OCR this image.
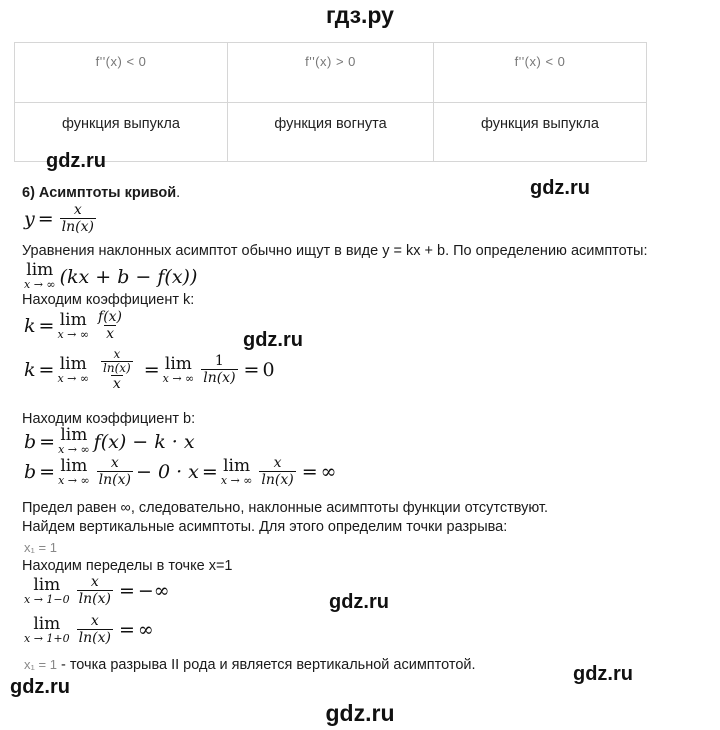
гдз.ру
f''(x) < 0	f''(x) > 0	f''(x) < 0
функция выпукла	функция вогнута	функция выпукла
gdz.ru
gdz.ru
gdz.ru
gdz.ru
gdz.ru
gdz.ru
6) Асимптоты кривой.
$y = \frac{x}{\ln(x)}$
Уравнения наклонных асимптот обычно ищут в виде y = kx + b. По определению асимптоты:
lim
x → ∞ (kx + b − f(x))
Находим коэффициент k:
k = lim
x → ∞ $\frac{f(x)}{x}$
k = lim
x → ∞ $\frac{\frac{x}{\ln(x)}}{x} = \lim$
x → ∞ $\frac{1}{\ln(x)} = 0$
Находим коэффициент b:
b = lim
x → ∞ f(x) − k · x
b = lim
x → ∞ $\frac{x}{\ln(x)} - 0 \cdot x = \lim$
x → ∞ $\frac{x}{\ln(x)}$ = ∞
Предел равен ∞, следовательно, наклонные асимптоты функции отсутствуют.
Найдем вертикальные асимптоты. Для этого определим точки разрыва:
x₁ = 1
Находим переделы в точке x=1
lim
$x \to 1-0 \frac{x}{\ln(x)}$ = −∞
lim
$x \to 1+0 \frac{x}{\ln(x)}$ = ∞
x₁ = 1 - точка разрыва II рода и является вертикальной асимптотой.
gdz.ru
